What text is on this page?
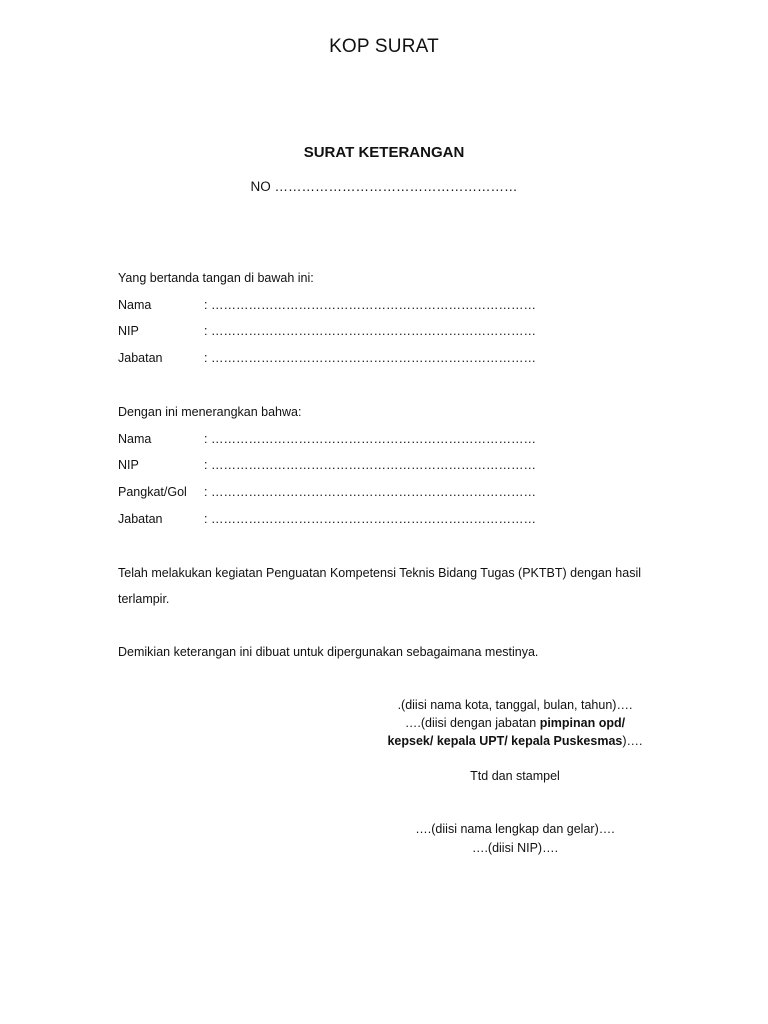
KOP SURAT
SURAT KETERANGAN
NO ………………………………………………
Yang bertanda tangan di bawah ini:
Nama	: ……………………………………………………………………
NIP	: ……………………………………………………………………
Jabatan	: ……………………………………………………………………
Dengan ini menerangkan bahwa:
Nama	: ……………………………………………………………………
NIP	: ……………………………………………………………………
Pangkat/Gol : ……………………………………………………………………
Jabatan	: ……………………………………………………………………
Telah melakukan kegiatan Penguatan Kompetensi Teknis Bidang Tugas (PKTBT) dengan hasil
terlampir.
Demikian keterangan ini dibuat untuk dipergunakan sebagaimana mestinya.
.(diisi nama kota, tanggal, bulan, tahun)….
….(diisi dengan jabatan pimpinan opd/
kepsek/ kepala UPT/ kepala Puskesmas)….
Ttd dan stampel
….(diisi nama lengkap dan gelar)….
….(diisi NIP)….
